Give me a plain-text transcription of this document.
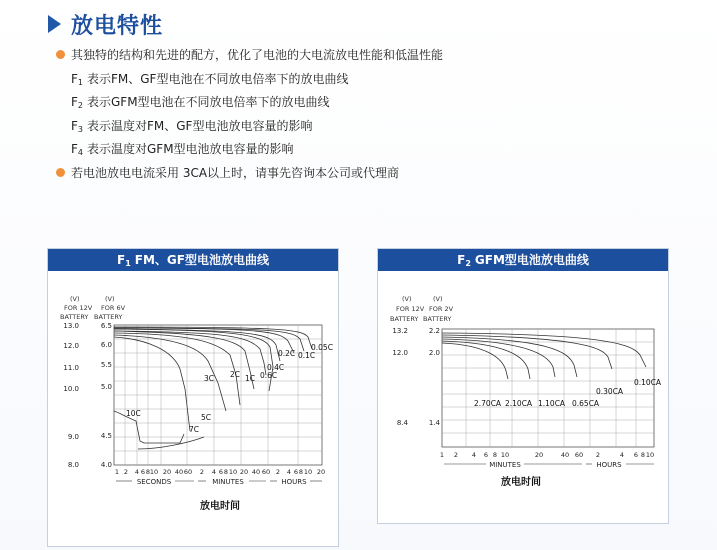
放电特性
其独特的结构和先进的配方，优化了电池的大电流放电性能和低温性能
F1 表示FM、GF型电池在不同放电倍率下的放电曲线
F2 表示GFM型电池在不同放电倍率下的放电曲线
F3 表示温度对FM、GF型电池放电容量的影响
F4 表示温度对GFM型电池放电容量的影响
若电池放电电流采用 3CA以上时，请事先咨询本公司或代理商
F1 FM、GF型电池放电曲线
(V)
FOR 12V
BATTERY
(V)
FOR 6V
BATTERY
13.0
12.0
11.0
10.0
9.0
8.0
6.5
6.0
5.5
5.0
4.5
4.0
10C
7C
5C
3C 2C 1C 0.6C
0.4C
0.2C 0.1C
0.05C
1 2 4 6 8 10 20 40 60 2 4 6 8 10 20 40 60 2 4 6 8 10 20
SECONDS	MINUTES	HOURS
放电时间
F2 GFM型电池放电曲线
(V)
FOR 12V
BATTERY
(V)
FOR 2V
BATTERY
13.2
12.0
8.4
2.2
2.0
1.4
2.70CA 2.10CA 1.10CA 0.65CA
0.30CA
0.10CA
1 2 4 6 8 10	20	40 60 2	4 6 8 10
MINUTES	HOURS
放电时间
